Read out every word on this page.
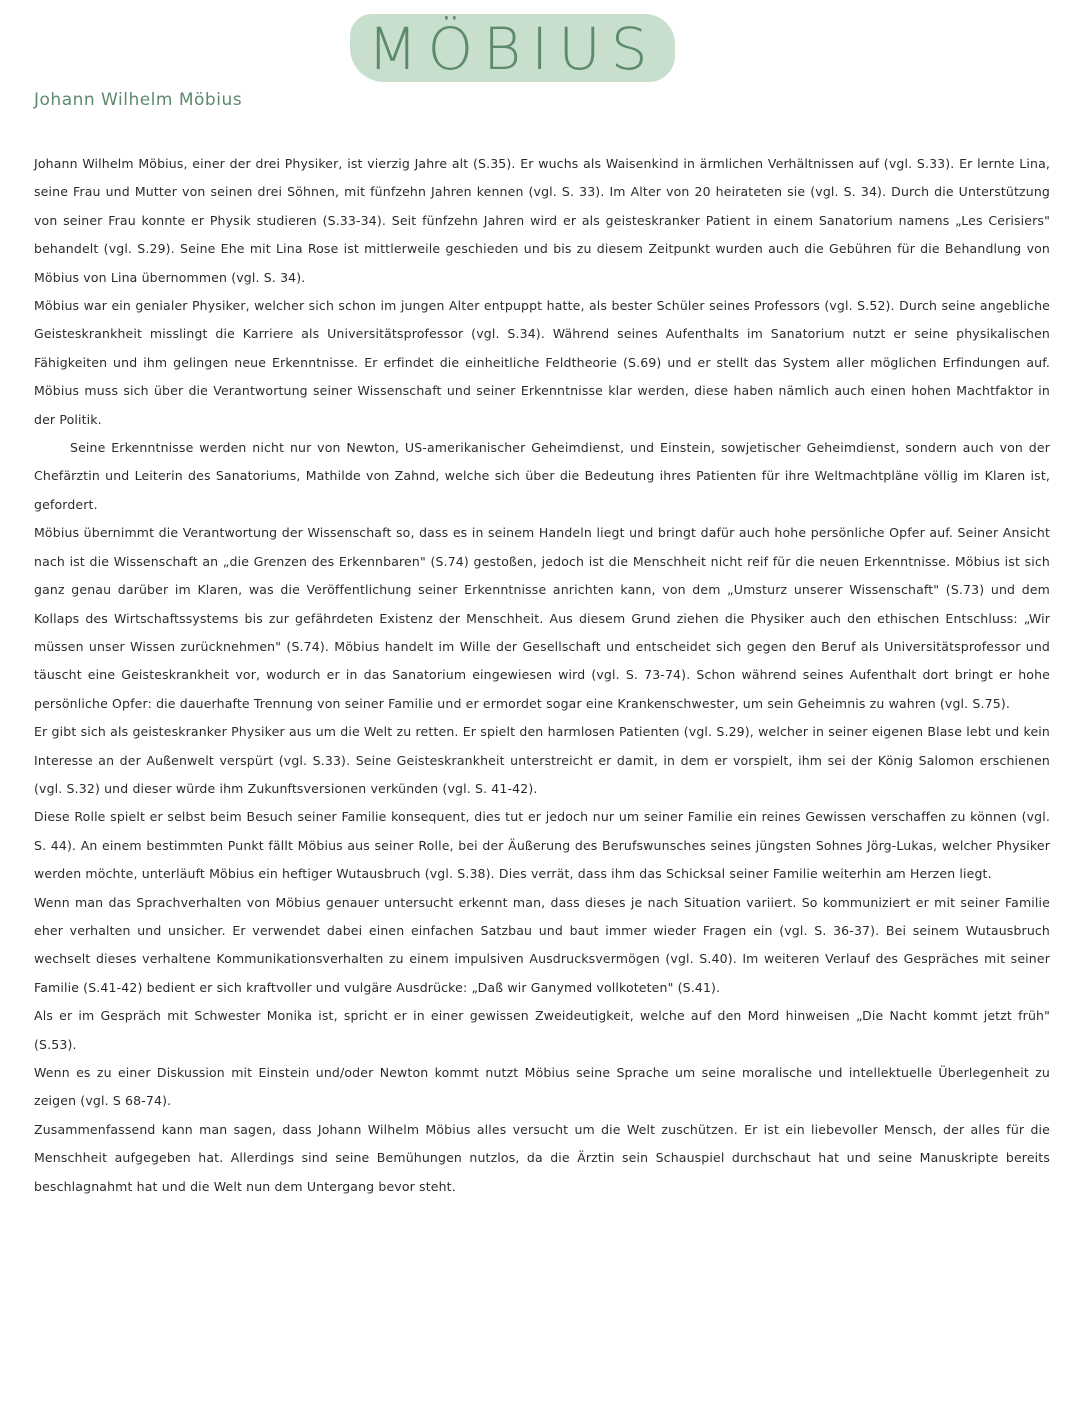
MÖBIUS
Johann Wilhelm Möbius

Johann Wilhelm Möbius, einer der drei Physiker, ist vierzig Jahre alt (S.35). Er wuchs als Waisenkind in ärmlichen Verhältnissen auf (vgl. S.33). Er lernte Lina, seine Frau und Mutter von seinen drei Söhnen, mit fünfzehn Jahren kennen (vgl. S. 33). Im Alter von 20 heirateten sie (vgl. S. 34). Durch die Unterstützung von seiner Frau konnte er Physik studieren (S.33-34). Seit fünfzehn Jahren wird er als geisteskranker Patient in einem Sanatorium namens „Les Cerisiers" behandelt (vgl. S.29). Seine Ehe mit Lina Rose ist mittlerweile geschieden und bis zu diesem Zeitpunkt wurden auch die Gebühren für die Behandlung von Möbius von Lina übernommen (vgl. S. 34).

Möbius war ein genialer Physiker, welcher sich schon im jungen Alter entpuppt hatte, als bester Schüler seines Professors (vgl. S.52). Durch seine angebliche Geisteskrankheit misslingt die Karriere als Universitätsprofessor (vgl. S.34). Während seines Aufenthalts im Sanatorium nutzt er seine physikalischen Fähigkeiten und ihm gelingen neue Erkenntnisse. Er erfindet die einheitliche Feldtheorie (S.69) und er stellt das System aller möglichen Erfindungen auf. Möbius muss sich über die Verantwortung seiner Wissenschaft und seiner Erkenntnisse klar werden, diese haben nämlich auch einen hohen Machtfaktor in der Politik.

Seine Erkenntnisse werden nicht nur von Newton, US-amerikanischer Geheimdienst, und Einstein, sowjetischer Geheimdienst, sondern auch von der Chefärztin und Leiterin des Sanatoriums, Mathilde von Zahnd, welche sich über die Bedeutung ihres Patienten für ihre Weltmachtpläne völlig im Klaren ist, gefordert.

Möbius übernimmt die Verantwortung der Wissenschaft so, dass es in seinem Handeln liegt und bringt dafür auch hohe persönliche Opfer auf. Seiner Ansicht nach ist die Wissenschaft an „die Grenzen des Erkennbaren" (S.74) gestoßen, jedoch ist die Menschheit nicht reif für die neuen Erkenntnisse. Möbius ist sich ganz genau darüber im Klaren, was die Veröffentlichung seiner Erkenntnisse anrichten kann, von dem „Umsturz unserer Wissenschaft" (S.73) und dem Kollaps des Wirtschaftssystems bis zur gefährdeten Existenz der Menschheit. Aus diesem Grund ziehen die Physiker auch den ethischen Entschluss: „Wir müssen unser Wissen zurücknehmen" (S.74). Möbius handelt im Wille der Gesellschaft und entscheidet sich gegen den Beruf als Universitätsprofessor und täuscht eine Geisteskrankheit vor, wodurch er in das Sanatorium eingewiesen wird (vgl. S. 73-74). Schon während seines Aufenthalt dort bringt er hohe persönliche Opfer: die dauerhafte Trennung von seiner Familie und er ermordet sogar eine Krankenschwester, um sein Geheimnis zu wahren (vgl. S.75).

Er gibt sich als geisteskranker Physiker aus um die Welt zu retten. Er spielt den harmlosen Patienten (vgl. S.29), welcher in seiner eigenen Blase lebt und kein Interesse an der Außenwelt verspürt (vgl. S.33). Seine Geisteskrankheit unterstreicht er damit, in dem er vorspielt, ihm sei der König Salomon erschienen (vgl. S.32) und dieser würde ihm Zukunftsversionen verkünden (vgl. S. 41-42).

Diese Rolle spielt er selbst beim Besuch seiner Familie konsequent, dies tut er jedoch nur um seiner Familie ein reines Gewissen verschaffen zu können (vgl. S. 44). An einem bestimmten Punkt fällt Möbius aus seiner Rolle, bei der Äußerung des Berufswunsches seines jüngsten Sohnes Jörg-Lukas, welcher Physiker werden möchte, unterläuft Möbius ein heftiger Wutausbruch (vgl. S.38). Dies verrät, dass ihm das Schicksal seiner Familie weiterhin am Herzen liegt.

Wenn man das Sprachverhalten von Möbius genauer untersucht erkennt man, dass dieses je nach Situation variiert. So kommuniziert er mit seiner Familie eher verhalten und unsicher. Er verwendet dabei einen einfachen Satzbau und baut immer wieder Fragen ein (vgl. S. 36-37). Bei seinem Wutausbruch wechselt dieses verhaltene Kommunikationsverhalten zu einem impulsiven Ausdrucksvermögen (vgl. S.40). Im weiteren Verlauf des Gespräches mit seiner Familie (S.41-42) bedient er sich kraftvoller und vulgäre Ausdrücke: „Daß wir Ganymed vollkoteten" (S.41).

Als er im Gespräch mit Schwester Monika ist, spricht er in einer gewissen Zweideutigkeit, welche auf den Mord hinweisen „Die Nacht kommt jetzt früh" (S.53).

Wenn es zu einer Diskussion mit Einstein und/oder Newton kommt nutzt Möbius seine Sprache um seine moralische und intellektuelle Überlegenheit zu zeigen (vgl. S 68-74).

Zusammenfassend kann man sagen, dass Johann Wilhelm Möbius alles versucht um die Welt zuschützen. Er ist ein liebevoller Mensch, der alles für die Menschheit aufgegeben hat. Allerdings sind seine Bemühungen nutzlos, da die Ärztin sein Schauspiel durchschaut hat und seine Manuskripte bereits beschlagnahmt hat und die Welt nun dem Untergang bevor steht.
